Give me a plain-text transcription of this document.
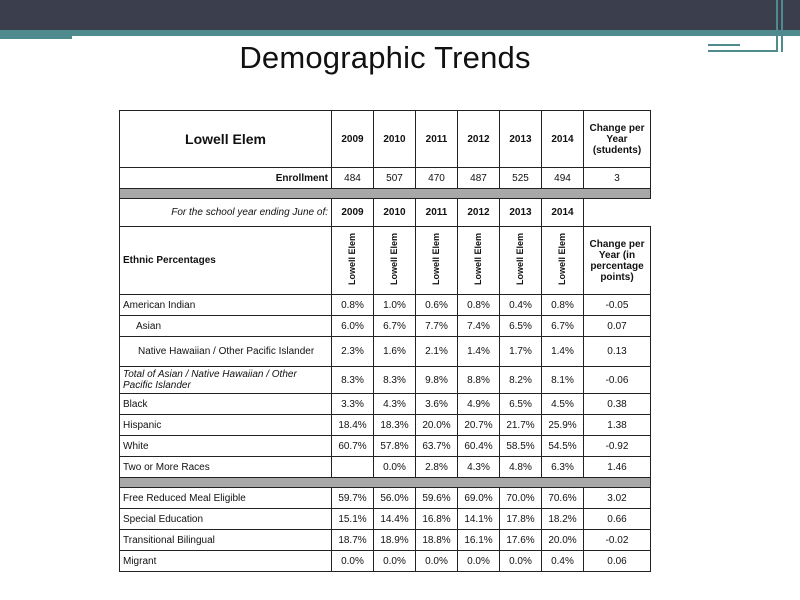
Demographic Trends
Lowell Elem	2009	2010	2011	2012	2013	2014	Change per Year (students)
Enrollment	484	507	470	487	525	494	3

For the school year ending June of:	2009	2010	2011	2012	2013	2014	
Ethnic Percentages	Lowell Elem	Lowell Elem	Lowell Elem	Lowell Elem	Lowell Elem	Lowell Elem	Change per Year (in percentage points)
American Indian	0.8%	1.0%	0.6%	0.8%	0.4%	0.8%	-0.05
Asian	6.0%	6.7%	7.7%	7.4%	6.5%	6.7%	0.07
Native Hawaiian / Other Pacific Islander	2.3%	1.6%	2.1%	1.4%	1.7%	1.4%	0.13
Total of Asian / Native Hawaiian / Other Pacific Islander	8.3%	8.3%	9.8%	8.8%	8.2%	8.1%	-0.06
Black	3.3%	4.3%	3.6%	4.9%	6.5%	4.5%	0.38
Hispanic	18.4%	18.3%	20.0%	20.7%	21.7%	25.9%	1.38
White	60.7%	57.8%	63.7%	60.4%	58.5%	54.5%	-0.92
Two or More Races		0.0%	2.8%	4.3%	4.8%	6.3%	1.46

Free Reduced Meal Eligible	59.7%	56.0%	59.6%	69.0%	70.0%	70.6%	3.02
Special Education	15.1%	14.4%	16.8%	14.1%	17.8%	18.2%	0.66
Transitional Bilingual	18.7%	18.9%	18.8%	16.1%	17.6%	20.0%	-0.02
Migrant	0.0%	0.0%	0.0%	0.0%	0.0%	0.4%	0.06
